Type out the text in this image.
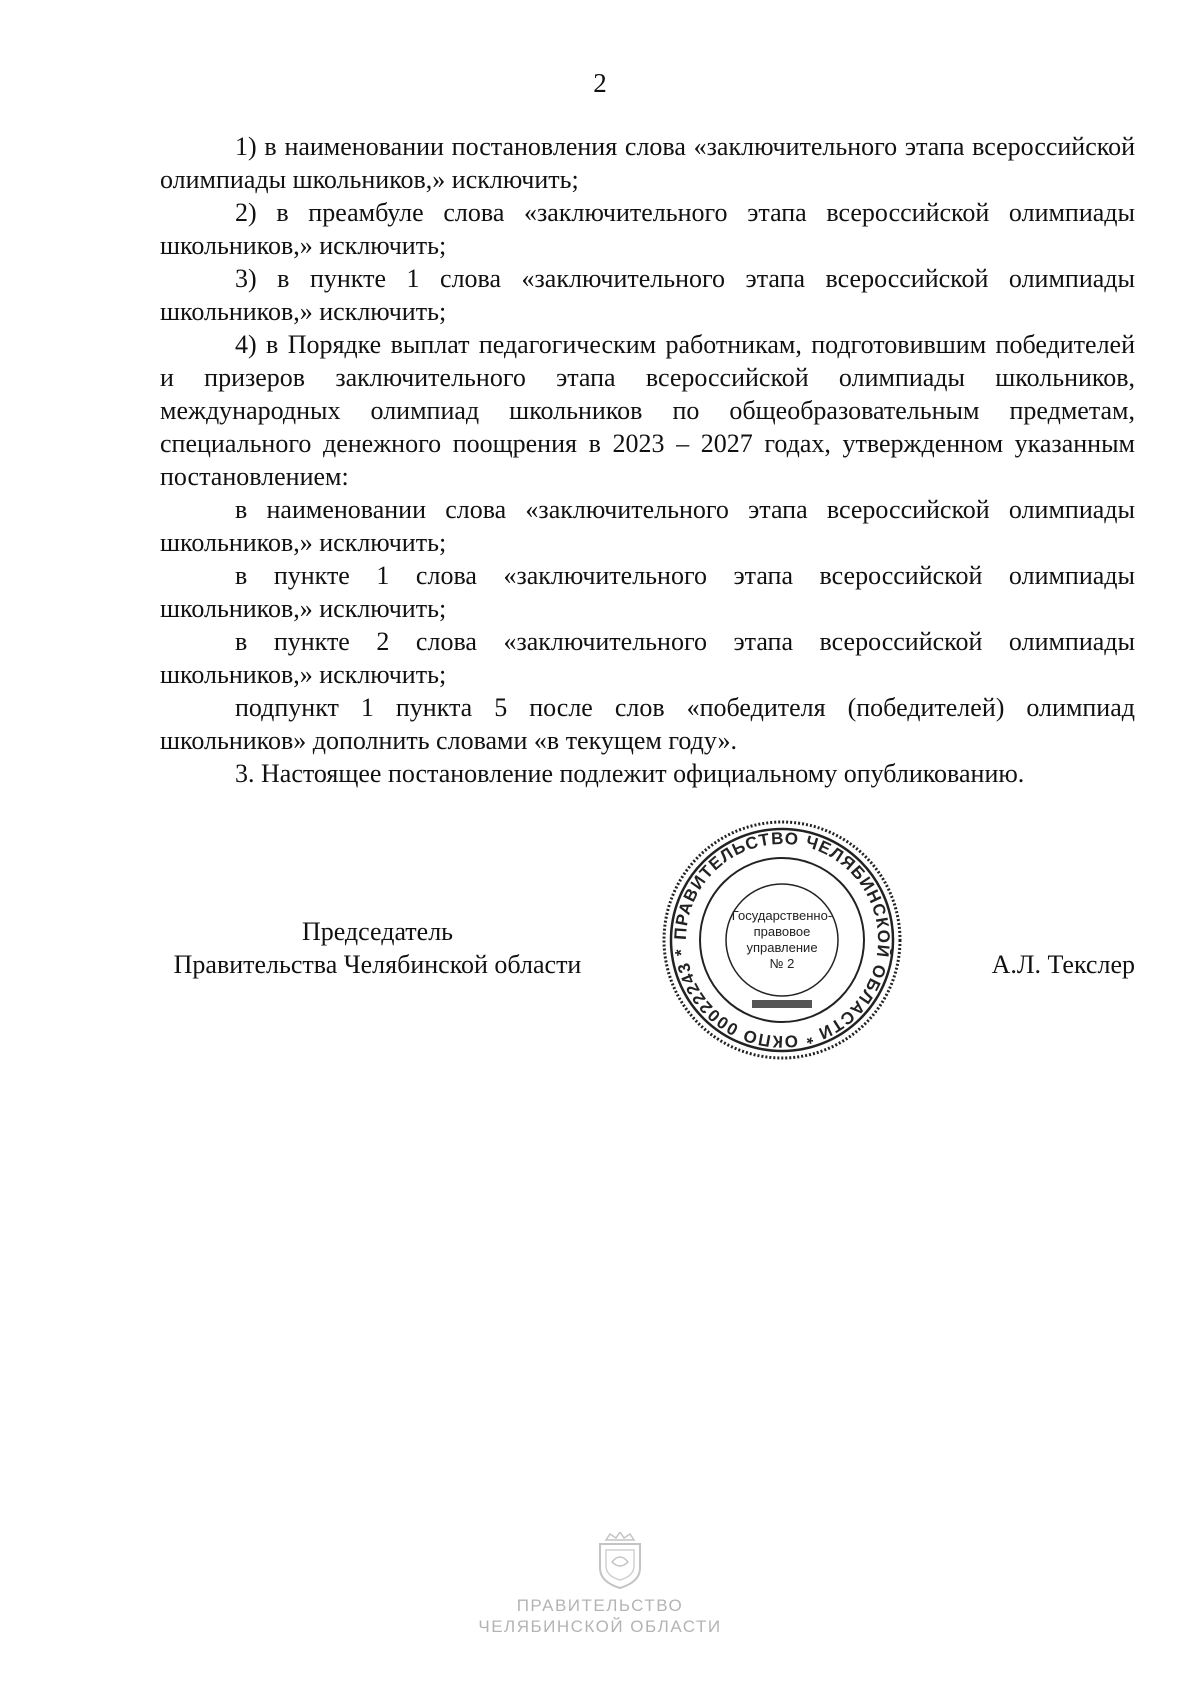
2

1) в наименовании постановления слова «заключительного этапа всероссийской олимпиады школьников,» исключить;

2) в преамбуле слова «заключительного этапа всероссийской олимпиады школьников,» исключить;

3) в пункте 1 слова «заключительного этапа всероссийской олимпиады школьников,» исключить;

4) в Порядке выплат педагогическим работникам, подготовившим победителей и призеров заключительного этапа всероссийской олимпиады школьников, международных олимпиад школьников по общеобразовательным предметам, специального денежного поощрения в 2023 – 2027 годах, утвержденном указанным постановлением:

в наименовании слова «заключительного этапа всероссийской олимпиады школьников,» исключить;

в пункте 1 слова «заключительного этапа всероссийской олимпиады школьников,» исключить;

в пункте 2 слова «заключительного этапа всероссийской олимпиады школьников,» исключить;

подпункт 1 пункта 5 после слов «победителя (победителей) олимпиад школьников» дополнить словами «в текущем году».

3. Настоящее постановление подлежит официальному опубликованию.

Председатель
Правительства Челябинской области	А.Л. Текслер
ПРАВИТЕЛЬСТВО ЧЕЛЯБИНСКОЙ ОБЛАСТИ * ОКПО 00022243 *
Государственно-
правовое
управление
№ 2
ПРАВИТЕЛЬСТВО
ЧЕЛЯБИНСКОЙ ОБЛАСТИ
